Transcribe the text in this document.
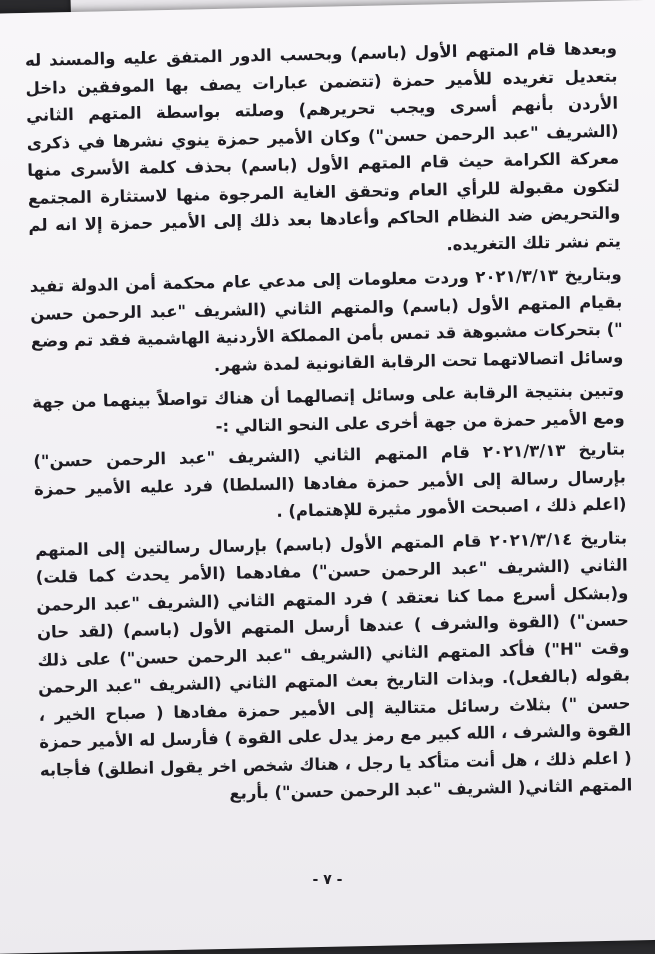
وبعدها قام المتهم الأول (باسم) وبحسب الدور المتفق عليه والمسند له بتعديل تغريده للأمير حمزة (تتضمن عبارات يصف بها الموفقين داخل الأردن بأنهم أسرى ويجب تحريرهم) وصلته بواسطة المتهم الثاني (الشريف "عبد الرحمن حسن") وكان الأمير حمزة ينوي نشرها في ذكرى معركة الكرامة حيث قام المتهم الأول (باسم) بحذف كلمة الأسرى منها لتكون مقبولة للرأي العام وتحقق الغاية المرجوة منها لاستثارة المجتمع والتحريض ضد النظام الحاكم وأعادها بعد ذلك إلى الأمير حمزة إلا انه لم يتم نشر تلك التغريده.

وبتاريخ ٢٠٢١/٣/١٣ وردت معلومات إلى مدعي عام محكمة أمن الدولة تفيد بقيام المتهم الأول (باسم) والمتهم الثاني (الشريف "عبد الرحمن حسن ") بتحركات مشبوهة قد تمس بأمن المملكة الأردنية الهاشمية فقد تم وضع وسائل اتصالاتهما تحت الرقابة القانونية لمدة شهر.

وتبين بنتيجة الرقابة على وسائل إتصالهما أن هناك تواصلاً بينهما من جهة ومع الأمير حمزة من جهة أخرى على النحو التالي :-

بتاريخ ٢٠٢١/٣/١٣ قام المتهم الثاني (الشريف "عبد الرحمن حسن") بإرسال رسالة إلى الأمير حمزة مفادها (السلطا) فرد عليه الأمير حمزة (اعلم ذلك ، اصبحت الأمور مثيرة للإهتمام) .

بتاريخ ٢٠٢١/٣/١٤ قام المتهم الأول (باسم) بإرسال رسالتين إلى المتهم الثاني (الشريف "عبد الرحمن حسن") مفادهما (الأمر يحدث كما قلت) و(بشكل أسرع مما كنا نعتقد ) فرد المتهم الثاني (الشريف "عبد الرحمن حسن") (القوة والشرف ) عندها أرسل المتهم الأول (باسم) (لقد حان وقت "H") فأكد المتهم الثاني (الشريف "عبد الرحمن حسن") على ذلك بقوله (بالفعل). وبذات التاريخ بعث المتهم الثاني (الشريف "عبد الرحمن حسن ") بثلاث رسائل متتالية إلى الأمير حمزة مفادها ( صباح الخير ، القوة والشرف ، الله كبير مع رمز يدل على القوة ) فأرسل له الأمير حمزة ( اعلم ذلك ، هل أنت متأكد يا رجل ، هناك شخص اخر يقول انطلق) فأجابه المتهم الثاني( الشريف "عبد الرحمن حسن") بأربع

- ٧ -
